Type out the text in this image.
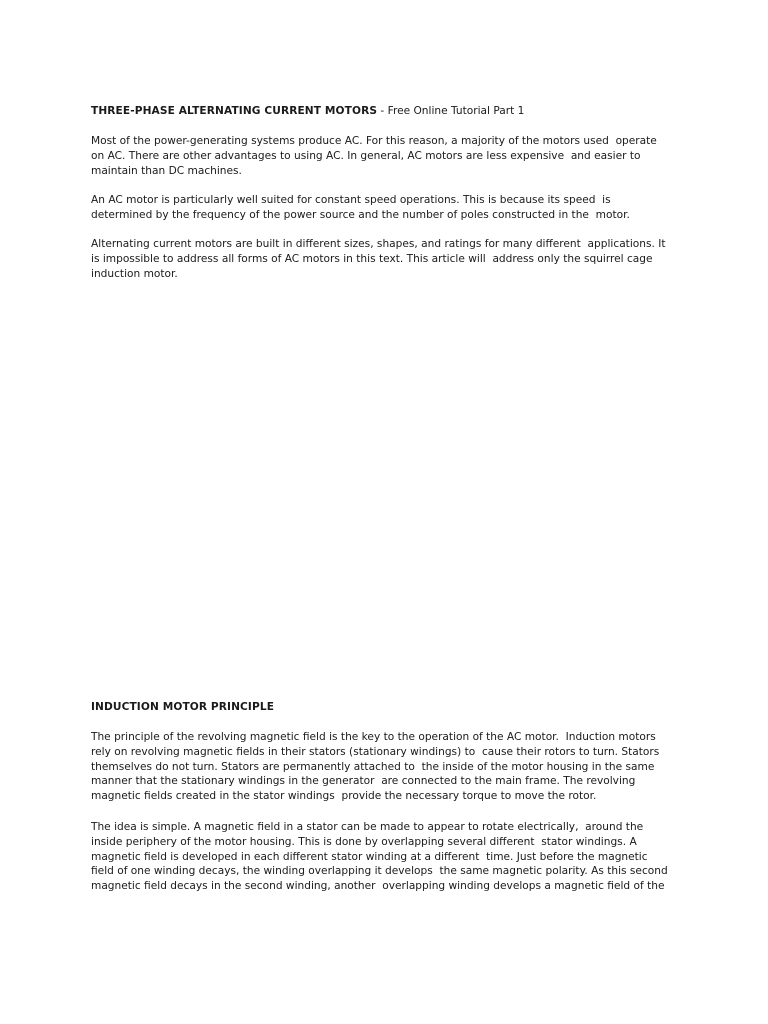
THREE-PHASE ALTERNATING CURRENT MOTORS - Free Online Tutorial Part 1
Most of the power-generating systems produce AC. For this reason, a majority of the motors used  operate
on AC. There are other advantages to using AC. In general, AC motors are less expensive  and easier to
maintain than DC machines.
An AC motor is particularly well suited for constant speed operations. This is because its speed  is
determined by the frequency of the power source and the number of poles constructed in the  motor.
Alternating current motors are built in different sizes, shapes, and ratings for many different  applications. It
is impossible to address all forms of AC motors in this text. This article will  address only the squirrel cage
induction motor.
INDUCTION MOTOR PRINCIPLE
The principle of the revolving magnetic field is the key to the operation of the AC motor.  Induction motors
rely on revolving magnetic fields in their stators (stationary windings) to  cause their rotors to turn. Stators
themselves do not turn. Stators are permanently attached to  the inside of the motor housing in the same
manner that the stationary windings in the generator  are connected to the main frame. The revolving
magnetic fields created in the stator windings  provide the necessary torque to move the rotor.
The idea is simple. A magnetic field in a stator can be made to appear to rotate electrically,  around the
inside periphery of the motor housing. This is done by overlapping several different  stator windings. A
magnetic field is developed in each different stator winding at a different  time. Just before the magnetic
field of one winding decays, the winding overlapping it develops  the same magnetic polarity. As this second
magnetic field decays in the second winding, another  overlapping winding develops a magnetic field of the
